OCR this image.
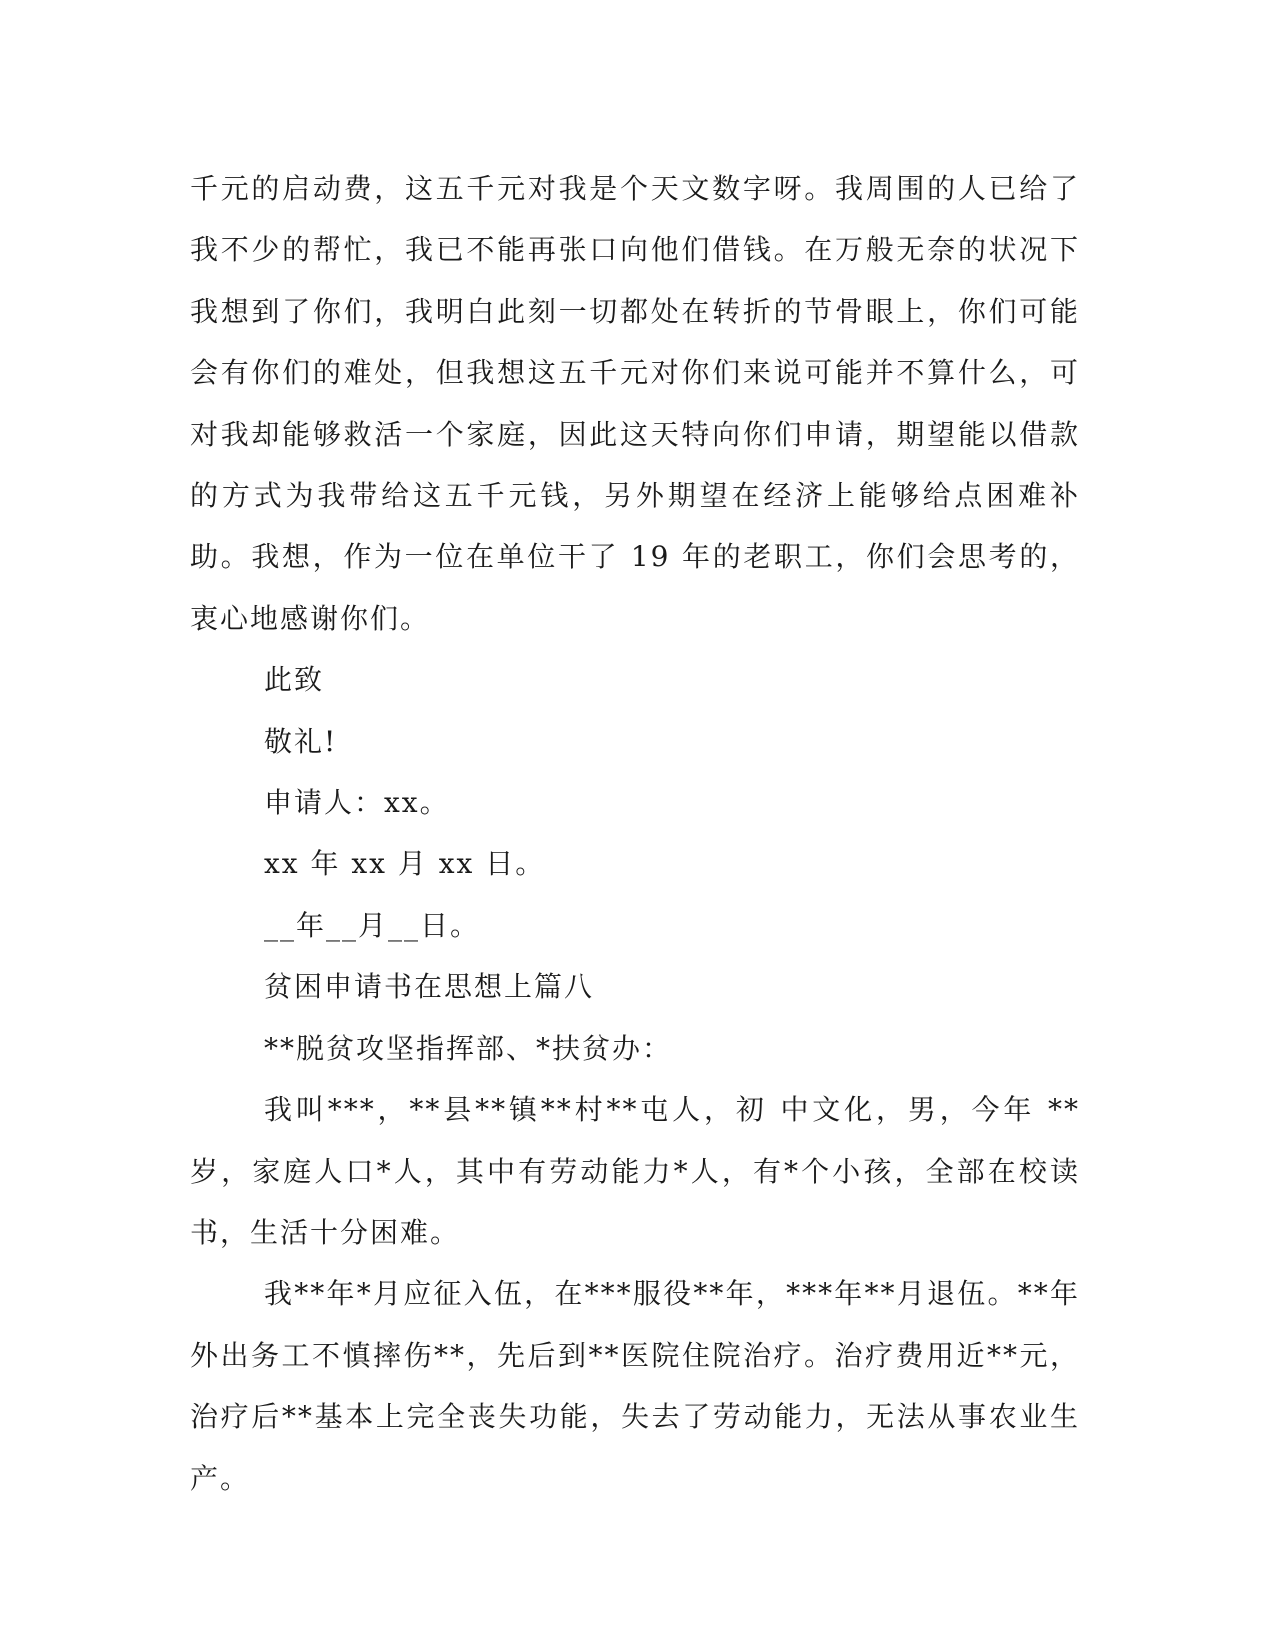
千元的启动费，这五千元对我是个天文数字呀。我周围的人已给了我不少的帮忙，我已不能再张口向他们借钱。在万般无奈的状况下我想到了你们，我明白此刻一切都处在转折的节骨眼上，你们可能会有你们的难处，但我想这五千元对你们来说可能并不算什么，可对我却能够救活一个家庭，因此这天特向你们申请，期望能以借款的方式为我带给这五千元钱，另外期望在经济上能够给点困难补助。我想，作为一位在单位干了 19 年的老职工，你们会思考的，衷心地感谢你们。

此致

敬礼!

申请人：xx。

xx 年 xx 月 xx 日。

__年__月__日。

贫困申请书在思想上篇八

**脱贫攻坚指挥部、*扶贫办：

我叫***，**县**镇**村**屯人，初 中文化，男，今年 **岁，家庭人口*人，其中有劳动能力*人，有*个小孩，全部在校读书，生活十分困难。

我**年*月应征入伍，在***服役**年，***年**月退伍。**年外出务工不慎摔伤**，先后到**医院住院治疗。治疗费用近**元，治疗后**基本上完全丧失功能，失去了劳动能力，无法从事农业生产。
